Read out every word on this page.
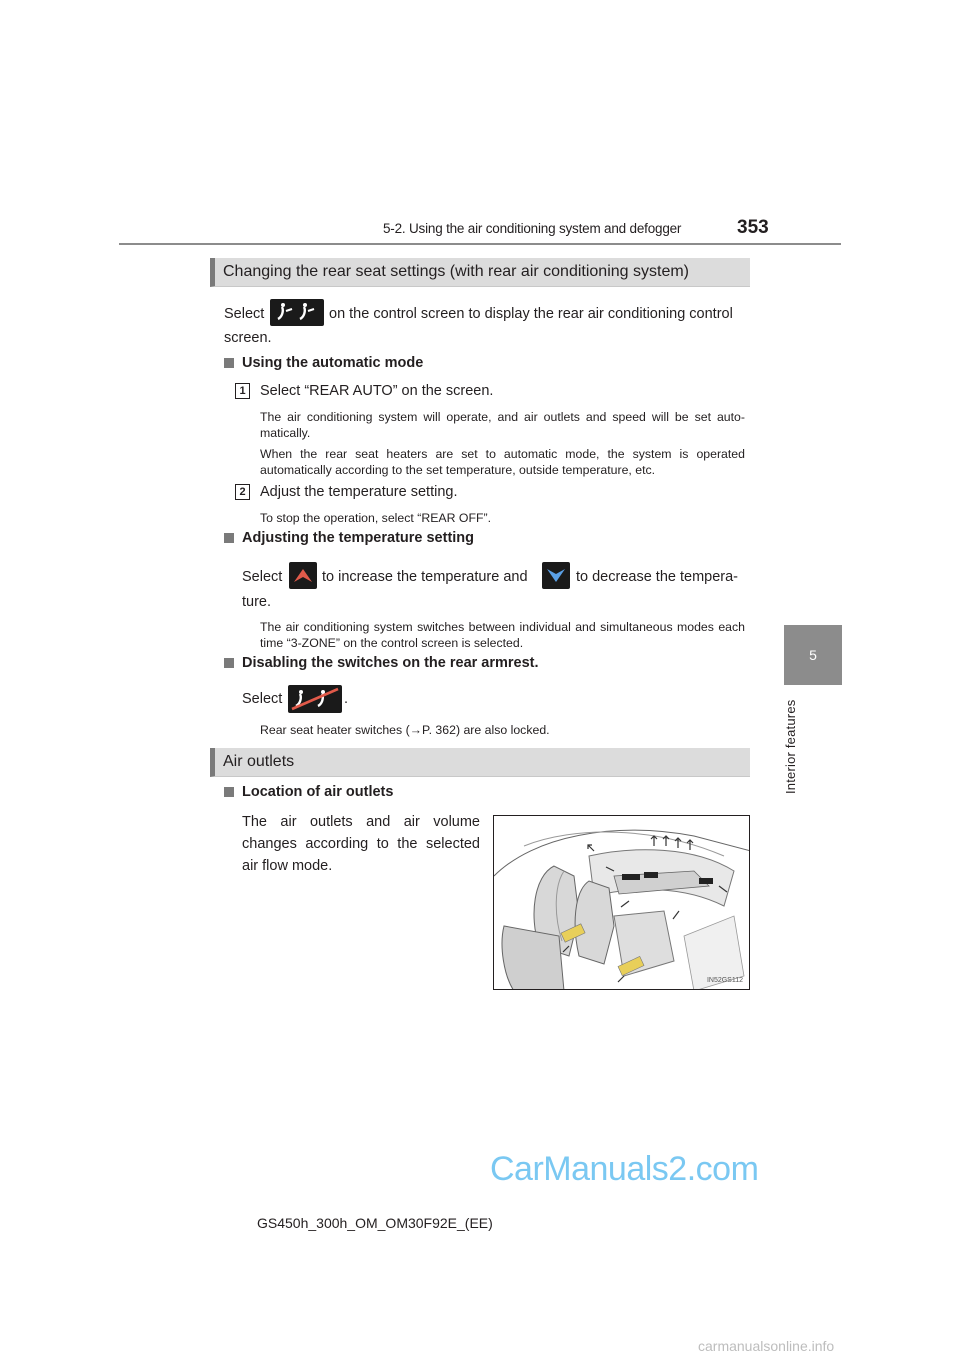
5-2. Using the air conditioning system and defogger	353
5
Interior features
Changing the rear seat settings (with rear air conditioning system)
Select	on the control screen to display the rear air conditioning control
screen.
Using the automatic mode
1 Select “REAR AUTO” on the screen.
The air conditioning system will operate, and air outlets and speed will be set auto-matically.
When the rear seat heaters are set to automatic mode, the system is operated automatically according to the set temperature, outside temperature, etc.
2 Adjust the temperature setting.
To stop the operation, select “REAR OFF”.
Adjusting the temperature setting
Select	to increase the temperature and	to decrease the tempera-
ture.
The air conditioning system switches between individual and simultaneous modes each time “3-ZONE” on the control screen is selected.
Disabling the switches on the rear armrest.
Select	.
Rear seat heater switches (→P. 362) are also locked.
Air outlets
Location of air outlets
The air outlets and air volume changes according to the selected air flow mode.
IN52GS112
CarManuals2.com
GS450h_300h_OM_OM30F92E_(EE)
carmanualsonline.info
